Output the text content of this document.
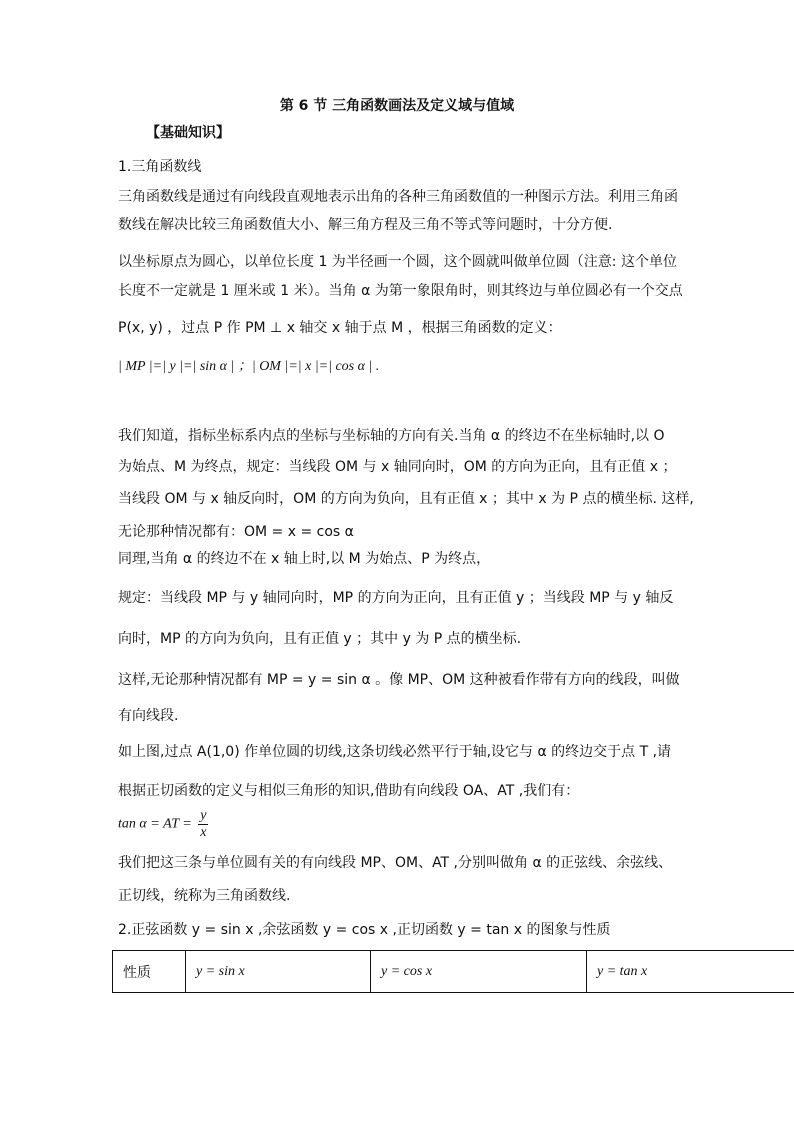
第 6 节 三角函数画法及定义域与值域
【基础知识】
1.三角函数线
三角函数线是通过有向线段直观地表示出角的各种三角函数值的一种图示方法。利用三角函
数线在解决比较三角函数值大小、解三角方程及三角不等式等问题时，十分方便.
以坐标原点为圆心，以单位长度 1 为半径画一个圆，这个圆就叫做单位圆（注意: 这个单位
长度不一定就是 1 厘米或 1 米）。当角 α 为第一象限角时，则其终边与单位圆必有一个交点
P(x, y) ，过点 P 作 PM ⊥ x 轴交 x 轴于点 M ，根据三角函数的定义：
| MP |=| y |=| sin α | ；| OM |=| x |=| cos α | .
我们知道，指标坐标系内点的坐标与坐标轴的方向有关.当角 α 的终边不在坐标轴时,以 O
为始点、M 为终点，规定：当线段 OM 与 x 轴同向时，OM 的方向为正向，且有正值 x ；
当线段 OM 与 x 轴反向时，OM 的方向为负向，且有正值 x ；其中 x 为 P 点的横坐标. 这样,
无论那种情况都有：OM = x = cos α
同理,当角 α 的终边不在 x 轴上时,以 M 为始点、P 为终点，
规定：当线段 MP 与 y 轴同向时，MP 的方向为正向，且有正值 y ；当线段 MP 与 y 轴反
向时，MP 的方向为负向，且有正值 y ；其中 y 为 P 点的横坐标.
这样,无论那种情况都有 MP = y = sin α 。像 MP、OM 这种被看作带有方向的线段，叫做
有向线段.
如上图,过点 A(1,0) 作单位圆的切线,这条切线必然平行于轴,设它与 α 的终边交于点 T ,请
根据正切函数的定义与相似三角形的知识,借助有向线段 OA、AT ,我们有：
tan α = AT = $\frac{y}{x}$
我们把这三条与单位圆有关的有向线段 MP、OM、AT ,分别叫做角 α 的正弦线、余弦线、
正切线，统称为三角函数线.
2.正弦函数 y = sin x ,余弦函数 y = cos x ,正切函数 y = tan x 的图象与性质
性质	y = sin x	y = cos x	y = tan x
